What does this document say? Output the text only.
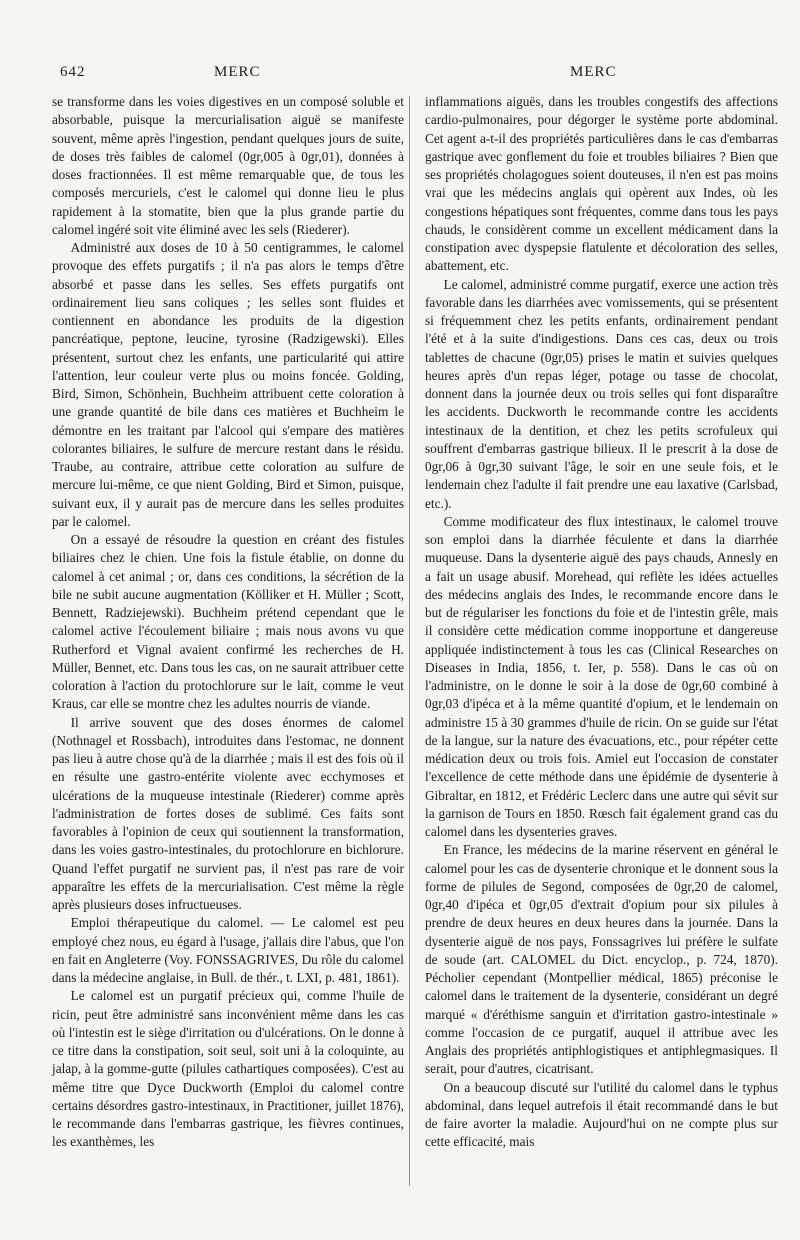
642	MERC	MERC

se transforme dans les voies digestives en un composé soluble et absorbable, puisque la mercurialisation aiguë se manifeste souvent, même après l'ingestion, pendant quelques jours de suite, de doses très faibles de calomel (0gr,005 à 0gr,01), données à doses fractionnées. Il est même remarquable que, de tous les composés mercuriels, c'est le calomel qui donne lieu le plus rapidement à la stomatite, bien que la plus grande partie du calomel ingéré soit vite éliminé avec les sels (Riederer).

Administré aux doses de 10 à 50 centigrammes, le calomel provoque des effets purgatifs ; il n'a pas alors le temps d'être absorbé et passe dans les selles. Ses effets purgatifs ont ordinairement lieu sans coliques ; les selles sont fluides et contiennent en abondance les produits de la digestion pancréatique, peptone, leucine, tyrosine (Radzigewski). Elles présentent, surtout chez les enfants, une particularité qui attire l'attention, leur couleur verte plus ou moins foncée. Golding, Bird, Simon, Schönhein, Buchheim attribuent cette coloration à une grande quantité de bile dans ces matières et Buchheim le démontre en les traitant par l'alcool qui s'empare des matières colorantes biliaires, le sulfure de mercure restant dans le résidu. Traube, au contraire, attribue cette coloration au sulfure de mercure lui-même, ce que nient Golding, Bird et Simon, puisque, suivant eux, il y aurait pas de mercure dans les selles produites par le calomel.

On a essayé de résoudre la question en créant des fistules biliaires chez le chien. Une fois la fistule établie, on donne du calomel à cet animal ; or, dans ces conditions, la sécrétion de la bile ne subit aucune augmentation (Kölliker et H. Müller ; Scott, Bennett, Radziejewski). Buchheim prétend cependant que le calomel active l'écoulement biliaire ; mais nous avons vu que Rutherford et Vignal avaient confirmé les recherches de H. Müller, Bennet, etc. Dans tous les cas, on ne saurait attribuer cette coloration à l'action du protochlorure sur le lait, comme le veut Kraus, car elle se montre chez les adultes nourris de viande.

Il arrive souvent que des doses énormes de calomel (Nothnagel et Rossbach), introduites dans l'estomac, ne donnent pas lieu à autre chose qu'à de la diarrhée ; mais il est des fois où il en résulte une gastro-entérite violente avec ecchymoses et ulcérations de la muqueuse intestinale (Riederer) comme après l'administration de fortes doses de sublimé. Ces faits sont favorables à l'opinion de ceux qui soutiennent la transformation, dans les voies gastro-intestinales, du protochlorure en bichlorure. Quand l'effet purgatif ne survient pas, il n'est pas rare de voir apparaître les effets de la mercurialisation. C'est même la règle après plusieurs doses infructueuses.

Emploi thérapeutique du calomel. — Le calomel est peu employé chez nous, eu égard à l'usage, j'allais dire l'abus, que l'on en fait en Angleterre (Voy. FONSSAGRIVES, Du rôle du calomel dans la médecine anglaise, in Bull. de thér., t. LXI, p. 481, 1861).

Le calomel est un purgatif précieux qui, comme l'huile de ricin, peut être administré sans inconvénient même dans les cas où l'intestin est le siège d'irritation ou d'ulcérations. On le donne à ce titre dans la constipation, soit seul, soit uni à la coloquinte, au jalap, à la gomme-gutte (pilules cathartiques composées). C'est au même titre que Dyce Duckworth (Emploi du calomel contre certains désordres gastro-intestinaux, in Practitioner, juillet 1876), le recommande dans l'embarras gastrique, les fièvres continues, les exanthèmes, les

inflammations aiguës, dans les troubles congestifs des affections cardio-pulmonaires, pour dégorger le système porte abdominal. Cet agent a-t-il des propriétés particulières dans le cas d'embarras gastrique avec gonflement du foie et troubles biliaires ? Bien que ses propriétés cholagogues soient douteuses, il n'en est pas moins vrai que les médecins anglais qui opèrent aux Indes, où les congestions hépatiques sont fréquentes, comme dans tous les pays chauds, le considèrent comme un excellent médicament dans la constipation avec dyspepsie flatulente et décoloration des selles, abattement, etc.

Le calomel, administré comme purgatif, exerce une action très favorable dans les diarrhées avec vomissements, qui se présentent si fréquemment chez les petits enfants, ordinairement pendant l'été et à la suite d'indigestions. Dans ces cas, deux ou trois tablettes de chacune (0gr,05) prises le matin et suivies quelques heures après d'un repas léger, potage ou tasse de chocolat, donnent dans la journée deux ou trois selles qui font disparaître les accidents. Duckworth le recommande contre les accidents intestinaux de la dentition, et chez les petits scrofuleux qui souffrent d'embarras gastrique bilieux. Il le prescrit à la dose de 0gr,06 à 0gr,30 suivant l'âge, le soir en une seule fois, et le lendemain chez l'adulte il fait prendre une eau laxative (Carlsbad, etc.).

Comme modificateur des flux intestinaux, le calomel trouve son emploi dans la diarrhée féculente et dans la diarrhée muqueuse. Dans la dysenterie aiguë des pays chauds, Annesly en a fait un usage abusif. Morehead, qui reflète les idées actuelles des médecins anglais des Indes, le recommande encore dans le but de régulariser les fonctions du foie et de l'intestin grêle, mais il considère cette médication comme inopportune et dangereuse appliquée indistinctement à tous les cas (Clinical Researches on Diseases in India, 1856, t. Ier, p. 558). Dans le cas où on l'administre, on le donne le soir à la dose de 0gr,60 combiné à 0gr,03 d'ipéca et à la même quantité d'opium, et le lendemain on administre 15 à 30 grammes d'huile de ricin. On se guide sur l'état de la langue, sur la nature des évacuations, etc., pour répéter cette médication deux ou trois fois. Amiel eut l'occasion de constater l'excellence de cette méthode dans une épidémie de dysenterie à Gibraltar, en 1812, et Frédéric Leclerc dans une autre qui sévit sur la garnison de Tours en 1850. Rœsch fait également grand cas du calomel dans les dysenteries graves.

En France, les médecins de la marine réservent en général le calomel pour les cas de dysenterie chronique et le donnent sous la forme de pilules de Segond, composées de 0gr,20 de calomel, 0gr,40 d'ipéca et 0gr,05 d'extrait d'opium pour six pilules à prendre de deux heures en deux heures dans la journée. Dans la dysenterie aiguë de nos pays, Fonssagrives lui préfère le sulfate de soude (art. CALOMEL du Dict. encyclop., p. 724, 1870). Pécholier cependant (Montpellier médical, 1865) préconise le calomel dans le traitement de la dysenterie, considérant un degré marqué « d'éréthisme sanguin et d'irritation gastro-intestinale » comme l'occasion de ce purgatif, auquel il attribue avec les Anglais des propriétés antiphlogistiques et antiphlegmasiques. Il serait, pour d'autres, cicatrisant.

On a beaucoup discuté sur l'utilité du calomel dans le typhus abdominal, dans lequel autrefois il était recommandé dans le but de faire avorter la maladie. Aujourd'hui on ne compte plus sur cette efficacité, mais
